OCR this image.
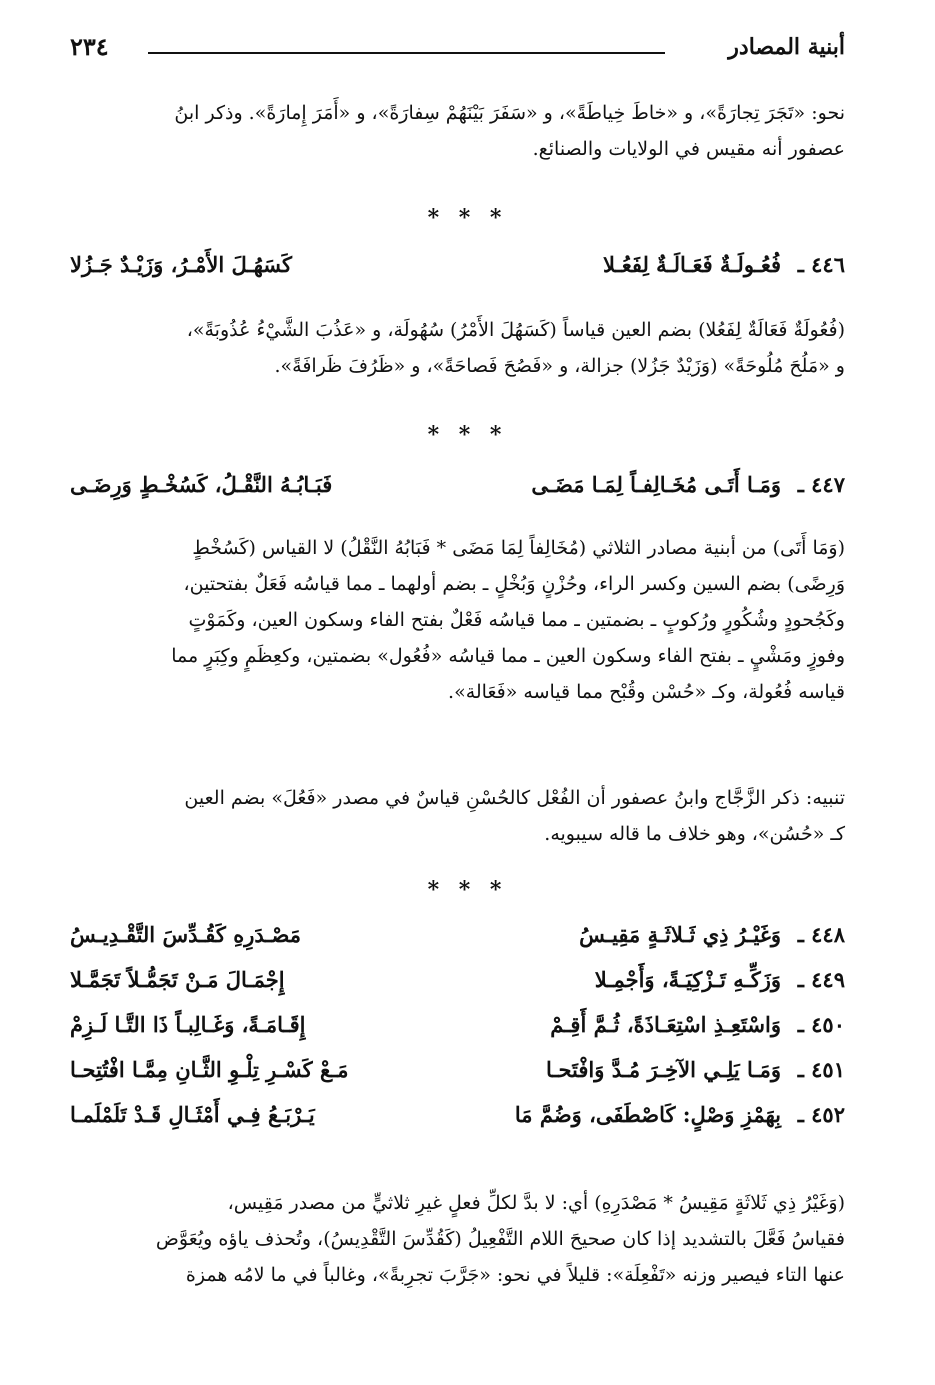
٢٣٤	أبنية المصادر

نحو: «تَجَرَ تِجارَةً»، و «خاطَ خِياطَةً»، و «سَفَرَ بَيْنَهُمْ سِفارَةً»، و «أَمَرَ إِمارَةً». وذكر ابنُ

عصفور أنه مقيس في الولايات والصنائع.

* * *
٤٤٦ ـ
فُعُـولَـةٌ فَعَـالَـةٌ لِفَعُـلا
كَسَهُـلَ الأَمْـرُ، وَزَيْـدٌ جَـزُلا

(فُعُولَةٌ فَعَالَةٌ لِفَعُلا) بضم العين قياساً (كَسَهُلَ الأَمْرُ) سُهُولَة، و «عَذُبَ الشَّيْءُ عُذُوبَةً»،

و «مَلُحَ مُلُوحَةً» (وَزَيْدٌ جَزُلا) جزالة، و «فَصُحَ فَصاحَةً»، و «ظَرُفَ ظَرافَةً».

* * *
٤٤٧ ـ
وَمَـا أَتَـى مُخَـالِفـاً لِمَـا مَضَـى
فَبَـابُـهُ النَّقْـلُ، كَسُخْـطٍ وَرِضَـى

(وَمَا أَتَى) من أبنية مصادر الثلاثي (مُخَالِفاً لِمَا مَضَى * فَبَابُهُ النَّقْلُ) لا القياس (كَسُخْطٍ

وَرِضًى) بضم السين وكسر الراء، وحُزْنٍ وَبُخْلٍ ـ بضم أولهما ـ مما قياسُه فَعَلٌ بفتحتين،

وكَجُحودٍ وشُكُورٍ ورُكوبٍ ـ بضمتين ـ مما قياسُه فَعْلٌ بفتح الفاء وسكون العين، وكَمَوْتٍ

وفوزٍ ومَشْيٍ ـ بفتح الفاء وسكون العين ـ مما قياسُه «فُعُول» بضمتين، وكعِظَمٍ وكِبَرٍ مما

قياسه فُعُولة، وكـ «حُسْن وقُبْح مما قياسه «فَعَالة».

تنبيه: ذكر الزَّجَّاج وابنُ عصفور أن الفُعْل كالحُسْنِ قياسٌ في مصدر «فَعُلَ» بضم العين

كـ «حُسُن»، وهو خلاف ما قاله سيبويه.

* * *
٤٤٨ ـ
وَغَيْـرُ ذِي ثَـلاثَـةٍ مَقِيـسُ
مَصْـدَرِهِ كَقُـدِّسَ التَّقْـدِيـسُ
٤٤٩ ـ
وَزَكِّـهِ تَـزْكِيَـةً، وَأَجْمِـلا
إِجْمَـالَ مَـنْ تَجَمُّـلاً تَجَمَّـلا
٤٥٠ ـ
وَاسْتَعِـذِ اسْتِعَـاذَةً، ثُـمَّ أَقِـمْ
إِقَـامَـةً، وَغَـالِبـاً ذَا التَّـا لَـزِمْ
٤٥١ ـ
وَمَـا يَلِـي الآخِـرَ مُـدَّ وَافْتَحـا
مَـعْ كَسْـرِ تِلْـوِ الثَّـانِ مِمَّـا افْتُتِحـا
٤٥٢ ـ
بِهَمْزِ وَصْلٍ: كَاصْطَفَى، وَضُمَّ مَا
يَـرْبَـعُ فِـي أَمْثَـالِ قَـدْ تَلَمْلَمـا

(وَغَيْرُ ذِي ثَلاثَةٍ مَقِيسُ * مَصْدَرِهِ) أي: لا بدَّ لكلِّ فعلٍ غيرِ ثلاثيٍّ من مصدر مَقِيس،

فقياسُ فَعَّلَ بالتشديد إذا كان صحيحَ اللام التَّفْعِيلُ (كَقُدِّسَ التَّقْدِيسُ)، وتُحذف ياؤه ويُعَوَّض

عنها التاء فيصير وزنه «تَفْعِلَة»: قليلاً في نحو: «جَرَّبَ تجرِبةً»، وغالباً في ما لامُه همزة
